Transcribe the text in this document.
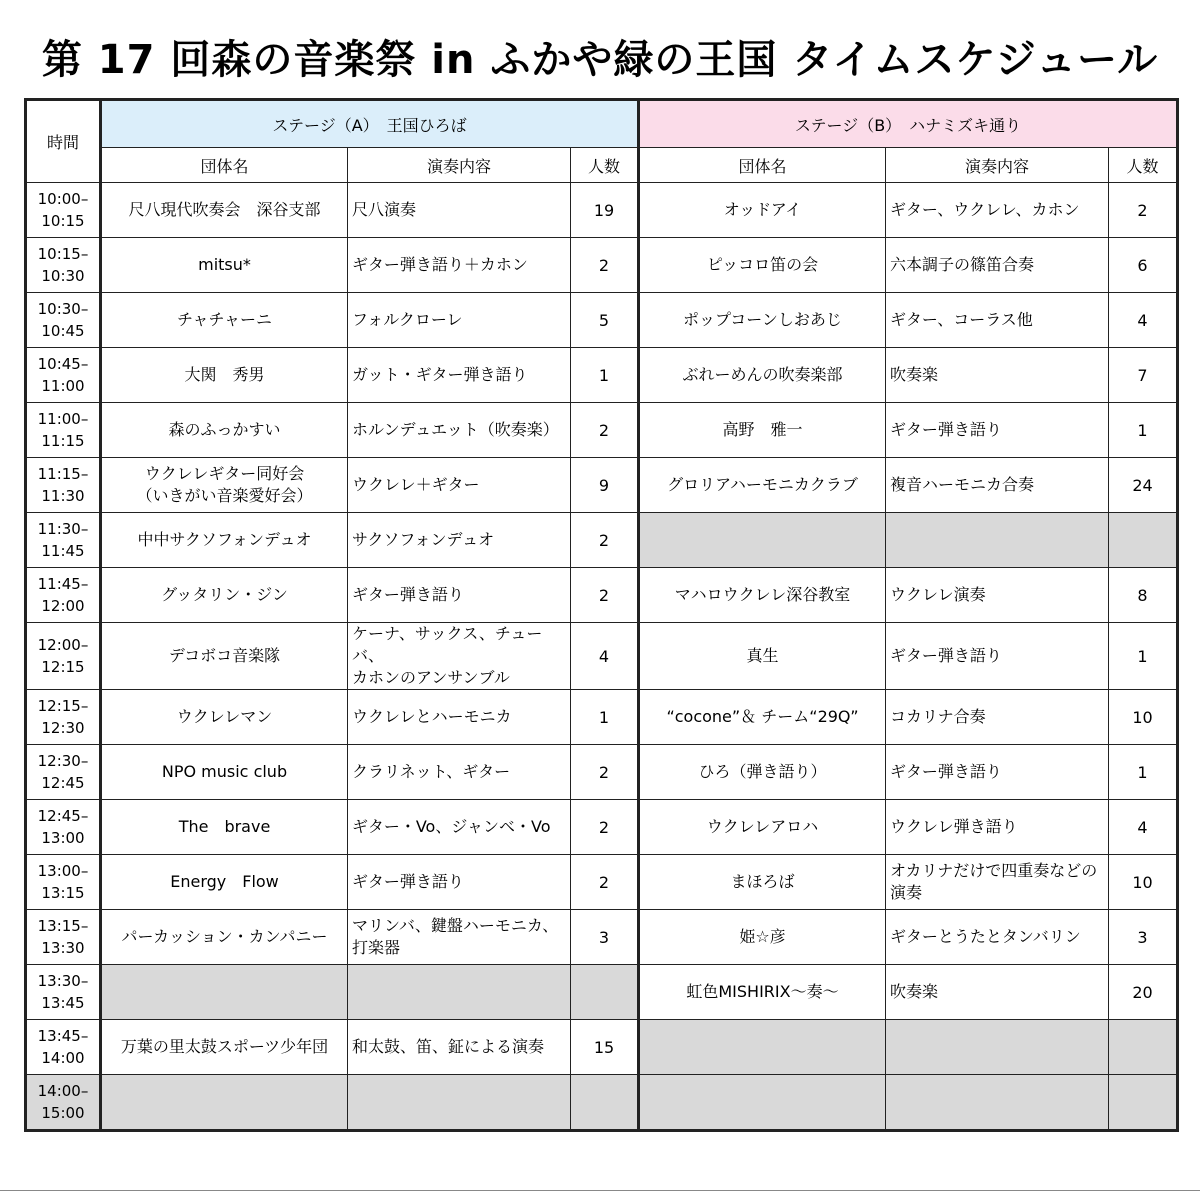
第 17 回森の音楽祭 in ふかや緑の王国 タイムスケジュール
時間	ステージ（A）　王国ひろば			ステージ（B）　ハナミズキ通り		
	団体名	演奏内容	人数	団体名	演奏内容	人数

10:00–
10:15	尺八現代吹奏会　深谷支部	尺八演奏	19	オッドアイ	ギター、ウクレレ、カホン	2

10:15–
10:30	mitsu*	ギター弾き語り＋カホン	2	ピッコロ笛の会	六本調子の篠笛合奏	6

10:30–
10:45	チャチャーニ	フォルクローレ	5	ポップコーンしおあじ	ギター、コーラス他	4

10:45–
11:00	大関　秀男	ガット・ギター弾き語り	1	ぶれーめんの吹奏楽部	吹奏楽	7

11:00–
11:15	森のふっかすい	ホルンデュエット（吹奏楽）	2	高野　雅一	ギター弾き語り	1

11:15–
11:30	ウクレレギター同好会
（いきがい音楽愛好会）	ウクレレ＋ギター	9	グロリアハーモニカクラブ	複音ハーモニカ合奏	24

11:30–
11:45	中中サクソフォンデュオ	サクソフォンデュオ	2			

11:45–
12:00	グッタリン・ジン	ギター弾き語り	2	マハロウクレレ深谷教室	ウクレレ演奏	8

12:00–
12:15	デコボコ音楽隊	ケーナ、サックス、チューバ、
カホンのアンサンブル	4	真生	ギター弾き語り	1

12:15–
12:30	ウクレレマン	ウクレレとハーモニカ	1	“cocone”＆ チーム“29Q”	コカリナ合奏	10

12:30–
12:45	NPO music club	クラリネット、ギター	2	ひろ（弾き語り）	ギター弾き語り	1

12:45–
13:00	The　brave	ギター・Vo、ジャンベ・Vo	2	ウクレレアロハ	ウクレレ弾き語り	4

13:00–
13:15	Energy　Flow	ギター弾き語り	2	まほろば	オカリナだけで四重奏などの
演奏	10

13:15–
13:30	パーカッション・カンパニー	マリンバ、鍵盤ハーモニカ、
打楽器	3	姫☆彦	ギターとうたとタンバリン	3

13:30–
13:45				虹色MISHIRIX～奏～	吹奏楽	20

13:45–
14:00	万葉の里太鼓スポーツ少年団	和太鼓、笛、鉦による演奏	15			

14:00–
15:00						
